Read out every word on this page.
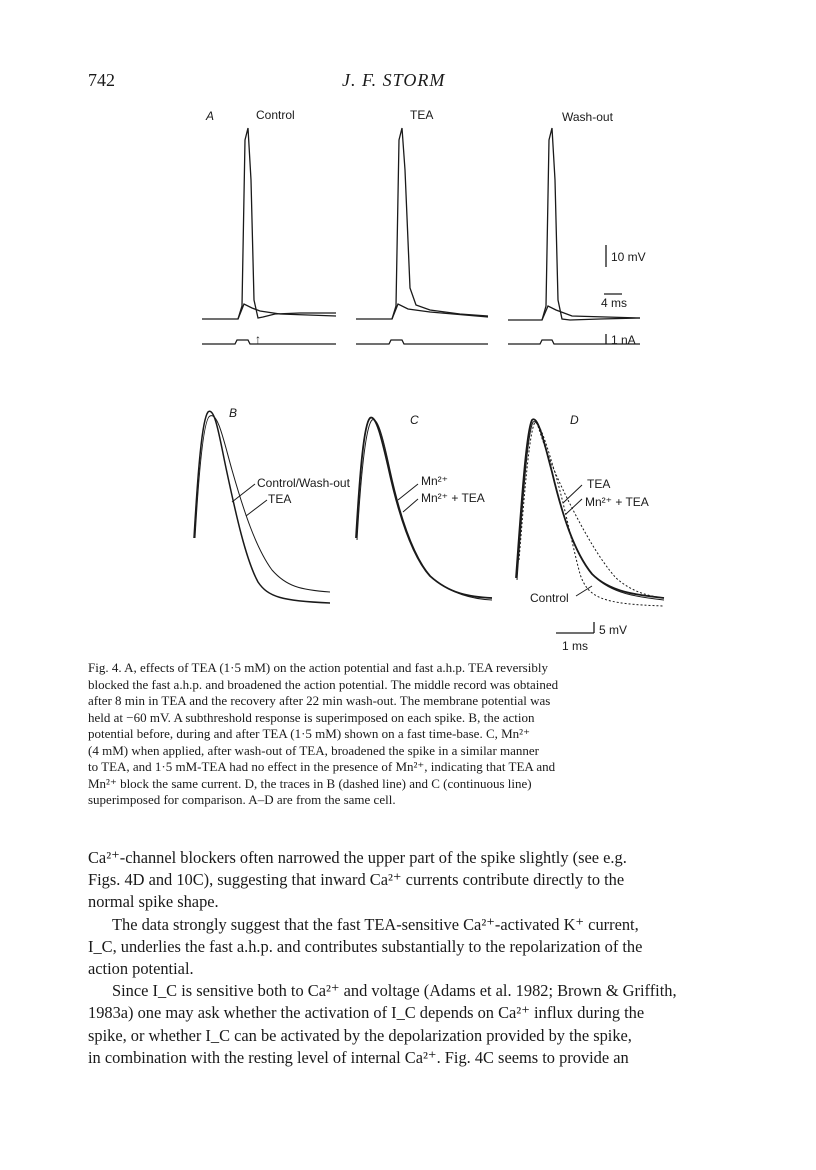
742	J. F. STORM
A	Control	TEA	Wash-out
↑
10 mV
4 ms
1 nA
B
Control/Wash-out
TEA
C
Mn²⁺
Mn²⁺ + TEA
D
TEA
Mn²⁺ + TEA
Control
5 mV
1 ms
Fig. 4. A, effects of TEA (1·5 mM) on the action potential and fast a.h.p. TEA reversibly
blocked the fast a.h.p. and broadened the action potential. The middle record was obtained
after 8 min in TEA and the recovery after 22 min wash-out. The membrane potential was
held at −60 mV. A subthreshold response is superimposed on each spike. B, the action
potential before, during and after TEA (1·5 mM) shown on a fast time-base. C, Mn²⁺
(4 mM) when applied, after wash-out of TEA, broadened the spike in a similar manner
to TEA, and 1·5 mM-TEA had no effect in the presence of Mn²⁺, indicating that TEA and
Mn²⁺ block the same current. D, the traces in B (dashed line) and C (continuous line)
superimposed for comparison. A–D are from the same cell.

Ca²⁺-channel blockers often narrowed the upper part of the spike slightly (see e.g.
Figs. 4D and 10C), suggesting that inward Ca²⁺ currents contribute directly to the
normal spike shape.

The data strongly suggest that the fast TEA-sensitive Ca²⁺-activated K⁺ current,
I_C, underlies the fast a.h.p. and contributes substantially to the repolarization of the
action potential.

Since I_C is sensitive both to Ca²⁺ and voltage (Adams et al. 1982; Brown & Griffith,
1983a) one may ask whether the activation of I_C depends on Ca²⁺ influx during the
spike, or whether I_C can be activated by the depolarization provided by the spike,
in combination with the resting level of internal Ca²⁺. Fig. 4C seems to provide an
